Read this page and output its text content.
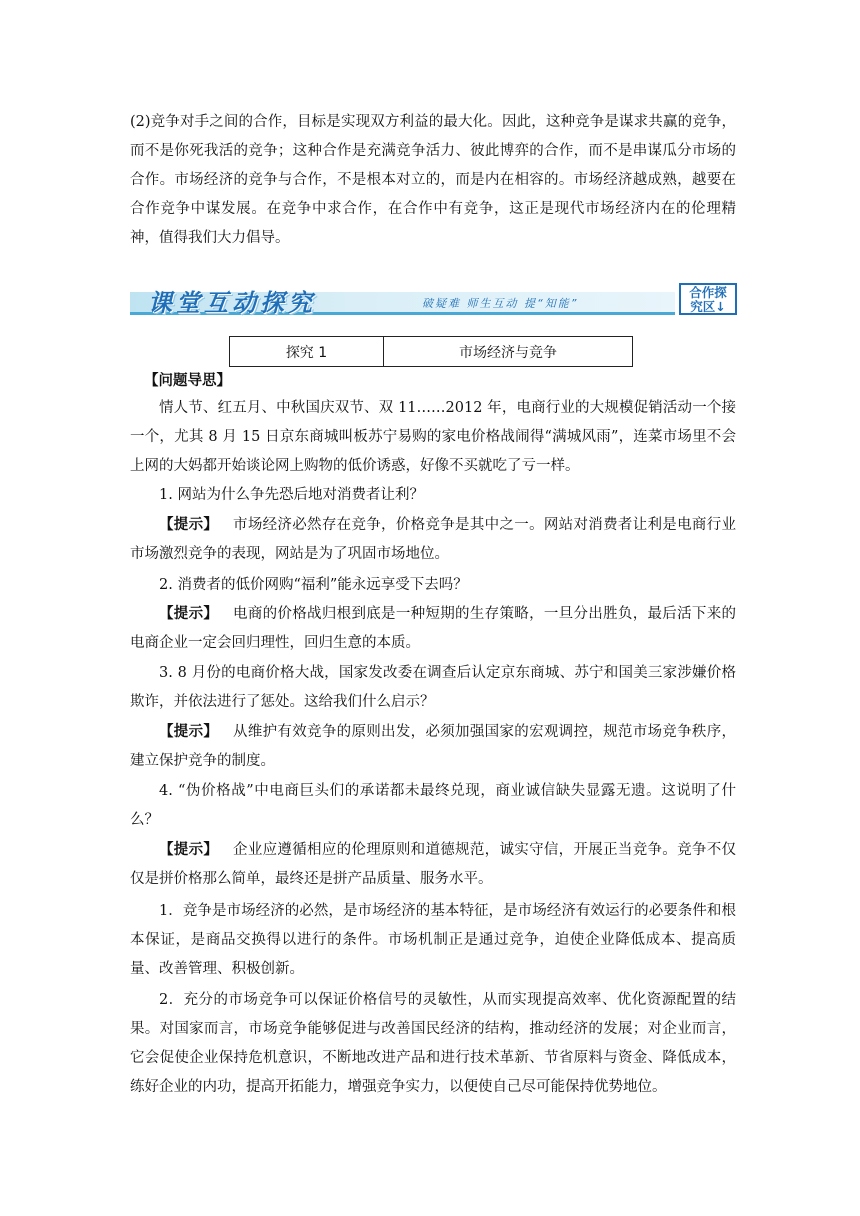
(2)竞争对手之间的合作，目标是实现双方利益的最大化。因此，这种竞争是谋求共赢的竞争，而不是你死我活的竞争；这种合作是充满竞争活力、彼此博弈的合作，而不是串谋瓜分市场的合作。市场经济的竞争与合作，不是根本对立的，而是内在相容的。市场经济越成熟，越要在合作竞争中谋发展。在竞争中求合作，在合作中有竞争，这正是现代市场经济内在的伦理精神，值得我们大力倡导。

课堂互动探究	破疑难 师生互动 提“知能”
合作探
究区↓
探究 1	市场经济与竞争

【问题导思】

情人节、红五月、中秋国庆双节、双 11……2012 年，电商行业的大规模促销活动一个接一个，尤其 8 月 15 日京东商城叫板苏宁易购的家电价格战闹得“满城风雨”，连菜市场里不会上网的大妈都开始谈论网上购物的低价诱惑，好像不买就吃了亏一样。

1. 网站为什么争先恐后地对消费者让利？

【提示】  市场经济必然存在竞争，价格竞争是其中之一。网站对消费者让利是电商行业市场激烈竞争的表现，网站是为了巩固市场地位。

2. 消费者的低价网购“福利”能永远享受下去吗？

【提示】  电商的价格战归根到底是一种短期的生存策略，一旦分出胜负，最后活下来的电商企业一定会回归理性，回归生意的本质。

3. 8 月份的电商价格大战，国家发改委在调查后认定京东商城、苏宁和国美三家涉嫌价格欺诈，并依法进行了惩处。这给我们什么启示？

【提示】  从维护有效竞争的原则出发，必须加强国家的宏观调控，规范市场竞争秩序，建立保护竞争的制度。

4. “伪价格战”中电商巨头们的承诺都未最终兑现，商业诚信缺失显露无遗。这说明了什么？

【提示】  企业应遵循相应的伦理原则和道德规范，诚实守信，开展正当竞争。竞争不仅仅是拼价格那么简单，最终还是拼产品质量、服务水平。

1．竞争是市场经济的必然，是市场经济的基本特征，是市场经济有效运行的必要条件和根本保证，是商品交换得以进行的条件。市场机制正是通过竞争，迫使企业降低成本、提高质量、改善管理、积极创新。

2．充分的市场竞争可以保证价格信号的灵敏性，从而实现提高效率、优化资源配置的结果。对国家而言，市场竞争能够促进与改善国民经济的结构，推动经济的发展；对企业而言，它会促使企业保持危机意识，不断地改进产品和进行技术革新、节省原料与资金、降低成本，练好企业的内功，提高开拓能力，增强竞争实力，以便使自己尽可能保持优势地位。
